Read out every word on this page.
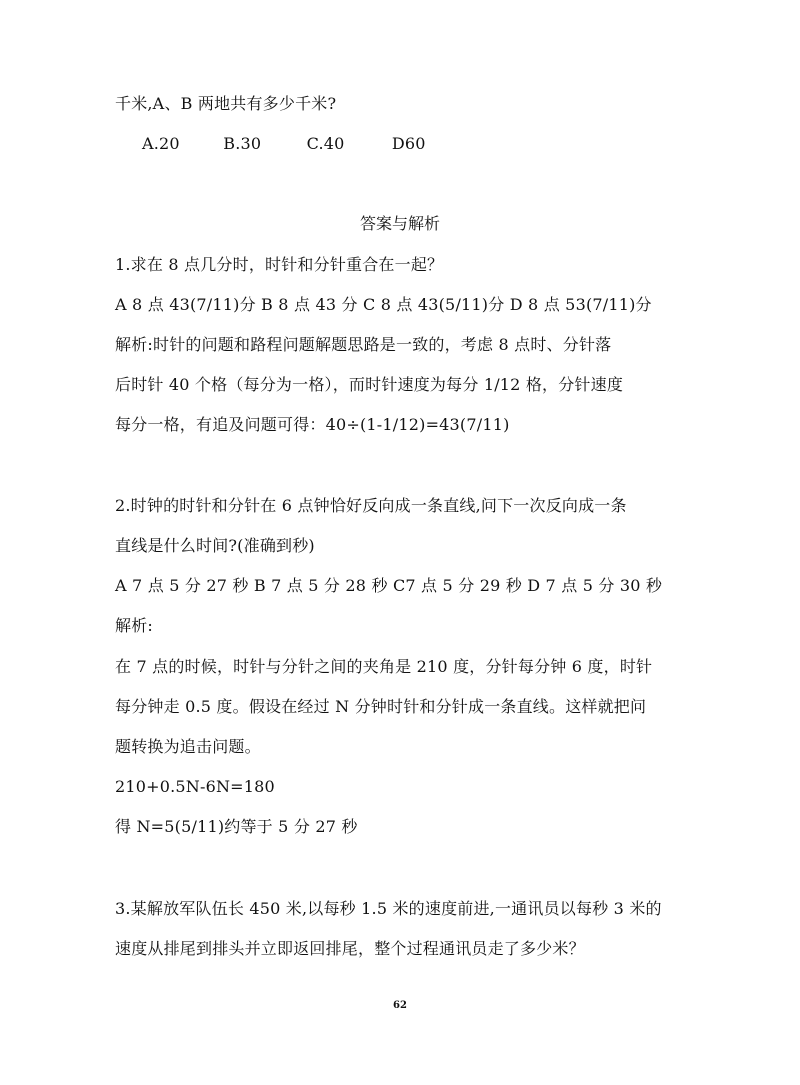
千米,A、B 两地共有多少千米?
A.20	B.30	C.40	D60
答案与解析
1.求在 8 点几分时，时针和分针重合在一起？
A 8 点 43(7/11)分 B 8 点 43 分 C 8 点 43(5/11)分 D 8 点 53(7/11)分
解析:时针的问题和路程问题解题思路是一致的，考虑 8 点时、分针落
后时针 40 个格（每分为一格），而时针速度为每分 1/12 格，分针速度
每分一格，有追及问题可得：40÷(1-1/12)=43(7/11)
2.时钟的时针和分针在 6 点钟恰好反向成一条直线,问下一次反向成一条
直线是什么时间?(准确到秒)
A 7 点 5 分 27 秒 B 7 点 5 分 28 秒 C7 点 5 分 29 秒 D 7 点 5 分 30 秒
解析:
在 7 点的时候，时针与分针之间的夹角是 210 度，分针每分钟 6 度，时针
每分钟走 0.5 度。假设在经过 N 分钟时针和分针成一条直线。这样就把问
题转换为追击问题。
210+0.5N-6N=180
得 N=5(5/11)约等于 5 分 27 秒
3.某解放军队伍长 450 米,以每秒 1.5 米的速度前进,一通讯员以每秒 3 米的
速度从排尾到排头并立即返回排尾，整个过程通讯员走了多少米？
62
